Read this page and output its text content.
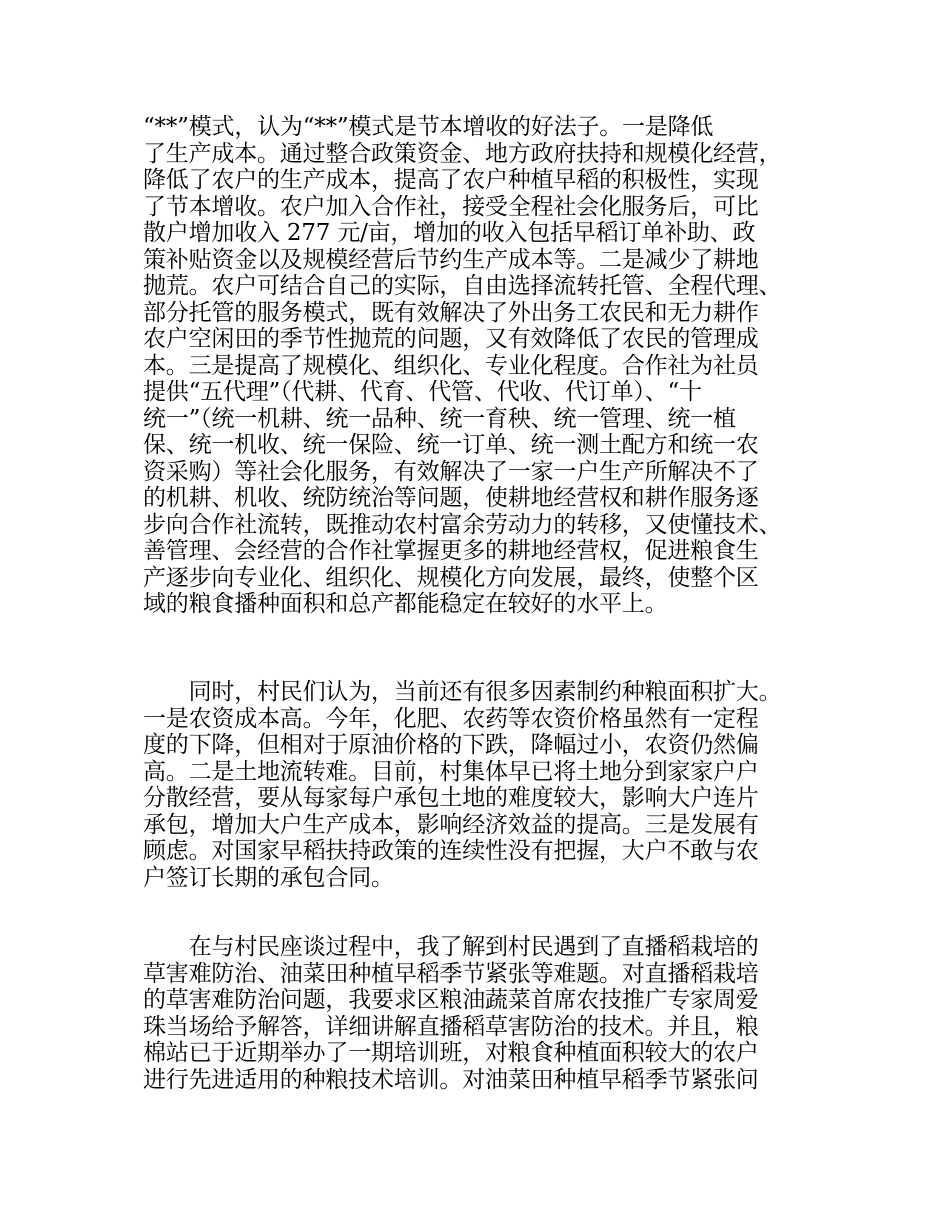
“**”模式，认为“**”模式是节本增收的好法子。一是降低
了生产成本。通过整合政策资金、地方政府扶持和规模化经营，
降低了农户的生产成本，提高了农户种植早稻的积极性，实现
了节本增收。农户加入合作社，接受全程社会化服务后，可比
散户增加收入 277 元/亩，增加的收入包括早稻订单补助、政
策补贴资金以及规模经营后节约生产成本等。二是减少了耕地
抛荒。农户可结合自己的实际，自由选择流转托管、全程代理、
部分托管的服务模式，既有效解决了外出务工农民和无力耕作
农户空闲田的季节性抛荒的问题，又有效降低了农民的管理成
本。三是提高了规模化、组织化、专业化程度。合作社为社员
提供“五代理”（代耕、代育、代管、代收、代订单）、“十
统一”（统一机耕、统一品种、统一育秧、统一管理、统一植
保、统一机收、统一保险、统一订单、统一测土配方和统一农
资采购）等社会化服务，有效解决了一家一户生产所解决不了
的机耕、机收、统防统治等问题，使耕地经营权和耕作服务逐
步向合作社流转，既推动农村富余劳动力的转移，又使懂技术、
善管理、会经营的合作社掌握更多的耕地经营权，促进粮食生
产逐步向专业化、组织化、规模化方向发展，最终，使整个区
域的粮食播种面积和总产都能稳定在较好的水平上。
　　同时，村民们认为，当前还有很多因素制约种粮面积扩大。
一是农资成本高。今年，化肥、农药等农资价格虽然有一定程
度的下降，但相对于原油价格的下跌，降幅过小，农资仍然偏
高。二是土地流转难。目前，村集体早已将土地分到家家户户
分散经营，要从每家每户承包土地的难度较大，影响大户连片
承包，增加大户生产成本，影响经济效益的提高。三是发展有
顾虑。对国家早稻扶持政策的连续性没有把握，大户不敢与农
户签订长期的承包合同。
　　在与村民座谈过程中，我了解到村民遇到了直播稻栽培的
草害难防治、油菜田种植早稻季节紧张等难题。对直播稻栽培
的草害难防治问题，我要求区粮油蔬菜首席农技推广专家周爱
珠当场给予解答，详细讲解直播稻草害防治的技术。并且，粮
棉站已于近期举办了一期培训班，对粮食种植面积较大的农户
进行先进适用的种粮技术培训。对油菜田种植早稻季节紧张问
